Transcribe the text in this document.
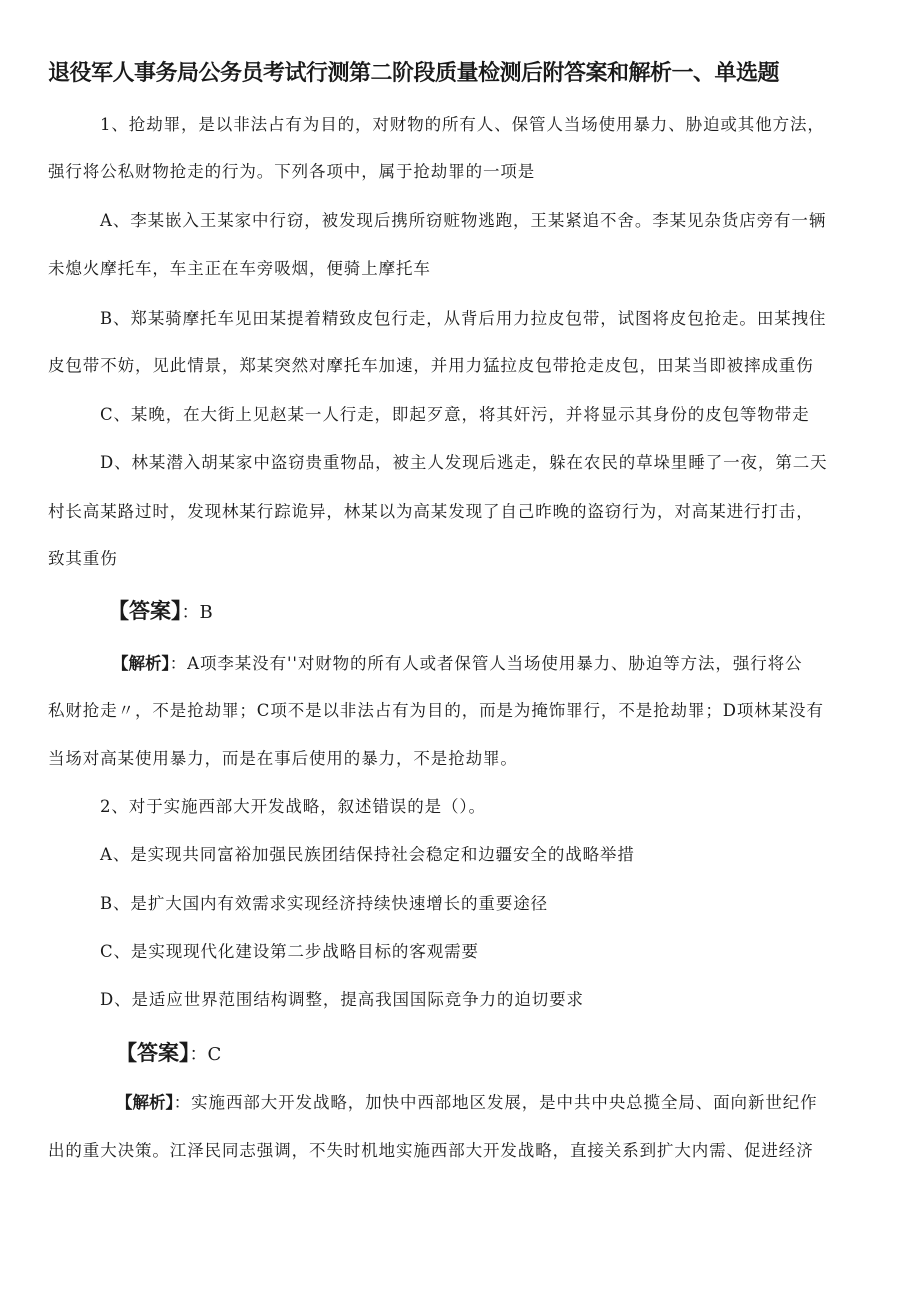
退役军人事务局公务员考试行测第二阶段质量检测后附答案和解析一、单选题
1、抢劫罪，是以非法占有为目的，对财物的所有人、保管人当场使用暴力、胁迫或其他方法，
强行将公私财物抢走的行为。下列各项中，属于抢劫罪的一项是
A、李某嵌入王某家中行窃，被发现后携所窃赃物逃跑，王某紧追不舍。李某见杂货店旁有一辆
未熄火摩托车，车主正在车旁吸烟，便骑上摩托车
B、郑某骑摩托车见田某提着精致皮包行走，从背后用力拉皮包带，试图将皮包抢走。田某拽住
皮包带不妨，见此情景，郑某突然对摩托车加速，并用力猛拉皮包带抢走皮包，田某当即被摔成重伤
C、某晚，在大街上见赵某一人行走，即起歹意，将其奸污，并将显示其身份的皮包等物带走
D、林某潜入胡某家中盗窃贵重物品，被主人发现后逃走，躲在农民的草垛里睡了一夜，第二天
村长高某路过时，发现林某行踪诡异，林某以为高某发现了自己昨晚的盗窃行为，对高某进行打击，
致其重伤
【答案】：B
【解析】：A项李某没有''对财物的所有人或者保管人当场使用暴力、胁迫等方法，强行将公
私财抢走〃，不是抢劫罪；C项不是以非法占有为目的，而是为掩饰罪行，不是抢劫罪；D项林某没有
当场对高某使用暴力，而是在事后使用的暴力，不是抢劫罪。
2、对于实施西部大开发战略，叙述错误的是（）。
A、是实现共同富裕加强民族团结保持社会稳定和边疆安全的战略举措
B、是扩大国内有效需求实现经济持续快速增长的重要途径
C、是实现现代化建设第二步战略目标的客观需要
D、是适应世界范围结构调整，提高我国国际竞争力的迫切要求
【答案】：C
【解析】：实施西部大开发战略，加快中西部地区发展，是中共中央总揽全局、面向新世纪作
出的重大决策。江泽民同志强调，不失时机地实施西部大开发战略，直接关系到扩大内需、促进经济
